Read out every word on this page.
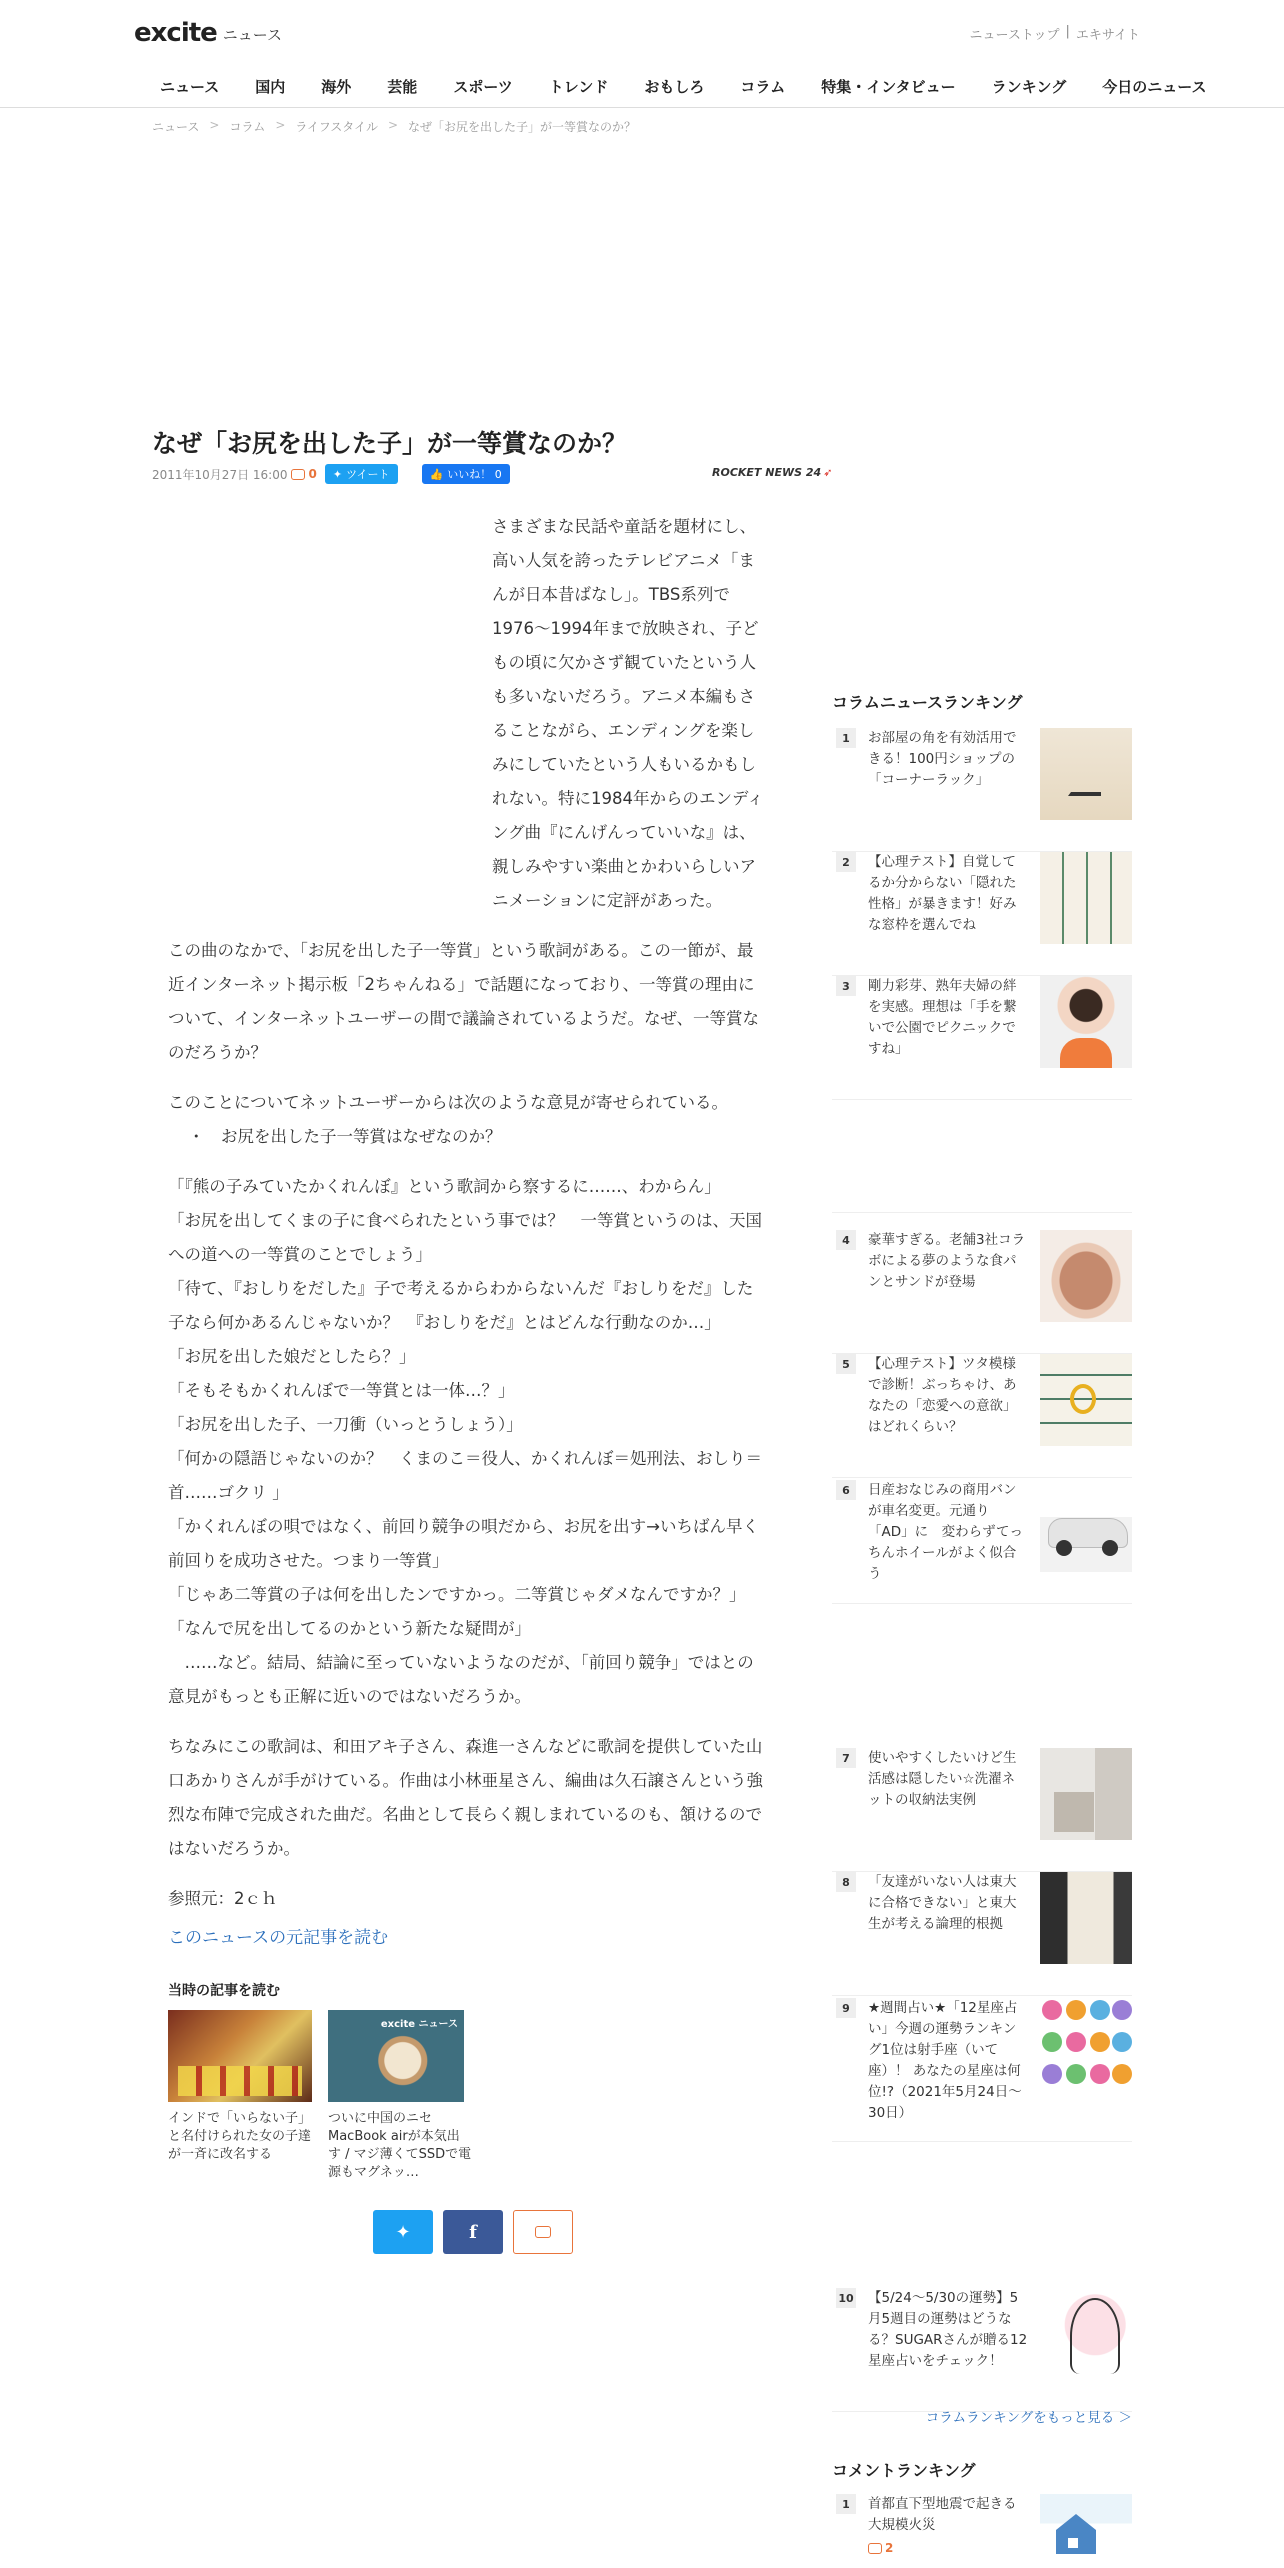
excite ニュース	ニューストップ | エキサイト
ニュース	国内	海外	芸能	スポーツ	トレンド	おもしろ	コラム	特集・インタビュー	ランキング	今日のニュース
ニュース > コラム > ライフスタイル > なぜ「お尻を出した子」が一等賞なのか？
なぜ「お尻を出した子」が一等賞なのか？
2011年10月27日 16:00 0 ✦ ツイート	👍 いいね！ 0	ROCKET NEWS 24 ➶

さまざまな民話や童話を題材にし、高い人気を誇ったテレビアニメ「まんが日本昔ばなし」。TBS系列で1976～1994年まで放映され、子どもの頃に欠かさず観ていたという人も多いないだろう。アニメ本編もさることながら、エンディングを楽しみにしていたという人もいるかもしれない。特に1984年からのエンディング曲『にんげんっていいな』は、親しみやすい楽曲とかわいらしいアニメーションに定評があった。

この曲のなかで、「お尻を出した子一等賞」という歌詞がある。この一節が、最近インターネット掲示板「2ちゃんねる」で話題になっており、一等賞の理由について、インターネットユーザーの間で議論されているようだ。なぜ、一等賞なのだろうか？

このことについてネットユーザーからは次のような意見が寄せられている。

・　お尻を出した子一等賞はなぜなのか？

「『熊の子みていたかくれんぼ』という歌詞から察するに……、わからん」
「お尻を出してくまの子に食べられたという事では？　一等賞というのは、天国への道への一等賞のことでしょう」
「待て、『おしりをだした』子で考えるからわからないんだ『おしりをだ』した子なら何かあるんじゃないか？　『おしりをだ』とはどんな行動なのか…」
「お尻を出した娘だとしたら？」
「そもそもかくれんぼで一等賞とは一体…？」
「お尻を出した子、一刀衝（いっとうしょう）」
「何かの隠語じゃないのか？　くまのこ＝役人、かくれんぼ＝処刑法、おしり＝首……ゴクリ 」
「かくれんぼの唄ではなく、前回り競争の唄だから、お尻を出す→いちばん早く前回りを成功させた。つまり一等賞」
「じゃあ二等賞の子は何を出したンですかっ。二等賞じゃダメなんですか？」
「なんで尻を出してるのかという新たな疑問が」

　……など。結局、結論に至っていないようなのだが、「前回り競争」ではとの意見がもっとも正解に近いのではないだろうか。

ちなみにこの歌詞は、和田アキ子さん、森進一さんなどに歌詞を提供していた山口あかりさんが手がけている。作曲は小林亜星さん、編曲は久石譲さんという強烈な布陣で完成された曲だ。名曲として長らく親しまれているのも、頷けるのではないだろうか。

参照元：2ｃｈ

このニュースの元記事を読む
当時の記事を読む
インドで「いらない子」と名付けられた女の子達が一斉に改名する
excite ニュース
ついに中国のニセMacBook airが本気出す / マジ薄くてSSDで電源もマグネッ…
✦	f
コラムニュースランキング
1	お部屋の角を有効活用できる！100円ショップの「コーナーラック」
2	【心理テスト】自覚してるか分からない「隠れた性格」が暴きます！好みな窓枠を選んでね
3	剛力彩芽、熟年夫婦の絆を実感。理想は「手を繋いで公園でピクニックですね」
4	豪華すぎる。老舗3社コラボによる夢のような食パンとサンドが登場
5	【心理テスト】ツタ模様で診断！ぶっちゃけ、あなたの「恋愛への意欲」はどれくらい？
6	日産おなじみの商用バンが車名変更。元通り「AD」に　変わらずてっちんホイールがよく似合う
7	使いやすくしたいけど生活感は隠したい☆洗濯ネットの収納法実例
8	「友達がいない人は東大に合格できない」と東大生が考える論理的根拠
9	★週間占い★「12星座占い」今週の運勢ランキング1位は射手座（いて座）！ あなたの星座は何位!?（2021年5月24日～30日）
10 【5/24〜5/30の運勢】5月5週目の運勢はどうなる？SUGARさんが贈る12星座占いをチェック！
コラムランキングをもっと見る ＞
コメントランキング
1	首都直下型地震で起きる大規模火災
2
